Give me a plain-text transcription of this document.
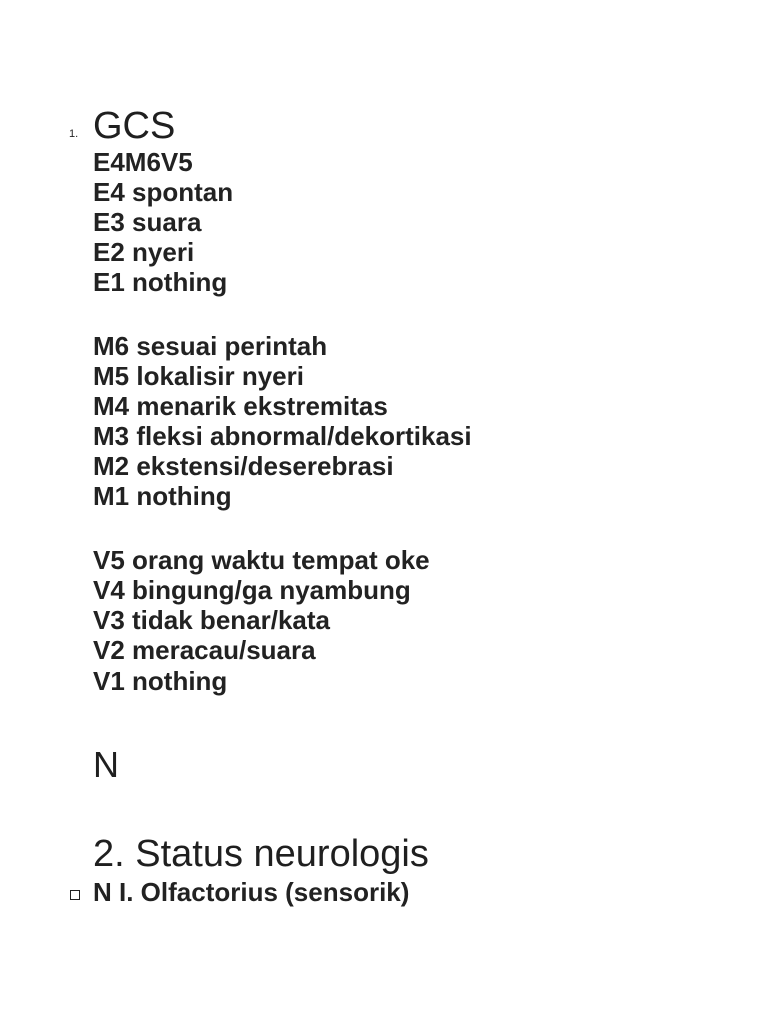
1. GCS
E4M6V5
E4 spontan
E3 suara
E2 nyeri
E1 nothing
M6 sesuai perintah
M5 lokalisir nyeri
M4 menarik ekstremitas
M3 fleksi abnormal/dekortikasi
M2 ekstensi/deserebrasi
M1 nothing
V5 orang waktu tempat oke
V4 bingung/ga nyambung
V3 tidak benar/kata
V2 meracau/suara
V1 nothing
N
2. Status neurologis
N I. Olfactorius (sensorik)
